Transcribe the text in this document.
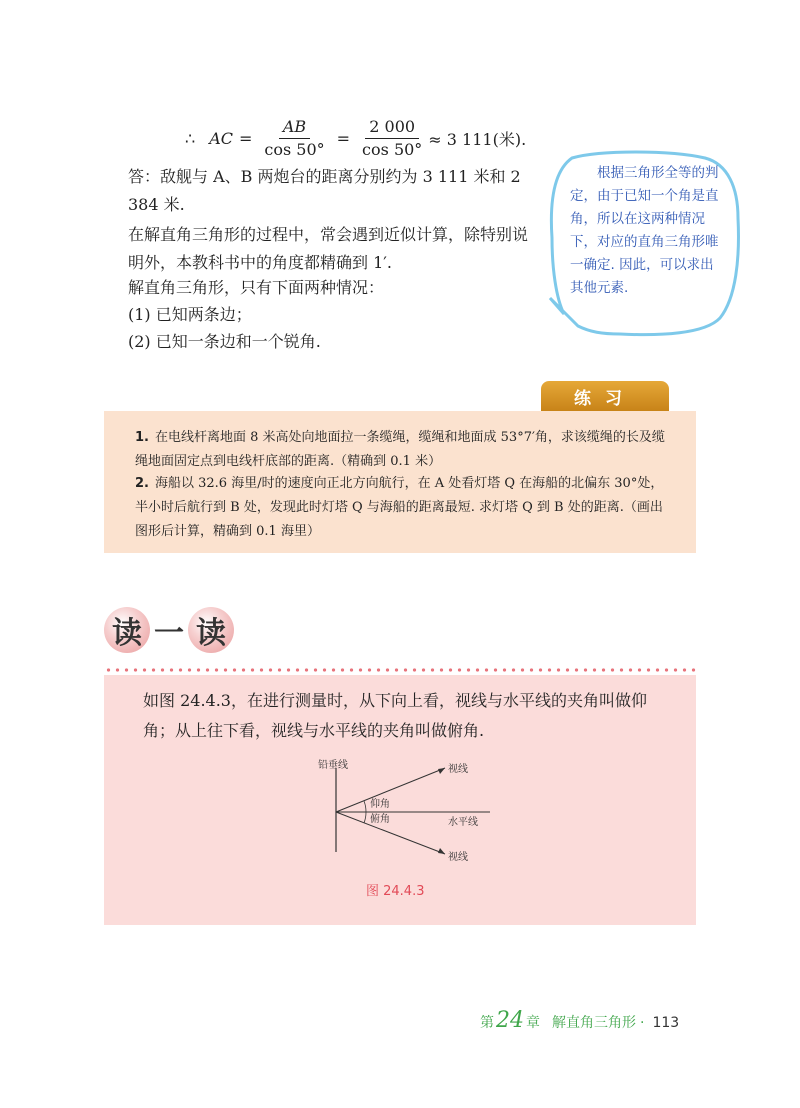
∴ AC = $\frac{AB}{\cos 50^\circ} = \frac{2 000}{\cos 50^\circ} \approx 3$ 111(米).
答：敌舰与 A、B 两炮台的距离分别约为 3 111 米和 2 384 米.
在解直角三角形的过程中，常会遇到近似计算，除特别说明外，本教科书中的角度都精确到 1′.
解直角三角形，只有下面两种情况：
(1) 已知两条边；
(2) 已知一条边和一个锐角.
根据三角形全等的判定，由于已知一个角是直角，所以在这两种情况下，对应的直角三角形唯一确定. 因此，可以求出其他元素.
练习
1. 在电线杆离地面 8 米高处向地面拉一条缆绳，缆绳和地面成 53°7′角，求该缆绳的长及缆绳地面固定点到电线杆底部的距离.（精确到 0.1 米）
2. 海船以 32.6 海里/时的速度向正北方向航行，在 A 处看灯塔 Q 在海船的北偏东 30°处，半小时后航行到 B 处，发现此时灯塔 Q 与海船的距离最短. 求灯塔 Q 到 B 处的距离.（画出图形后计算，精确到 0.1 海里）
读 一 读
如图 24.4.3，在进行测量时，从下向上看，视线与水平线的夹角叫做仰角；从上往下看，视线与水平线的夹角叫做俯角.
铅垂线	视线
仰角
俯角	水平线
视线
图 24.4.3
第 24 章 解直角三角形 · 113
